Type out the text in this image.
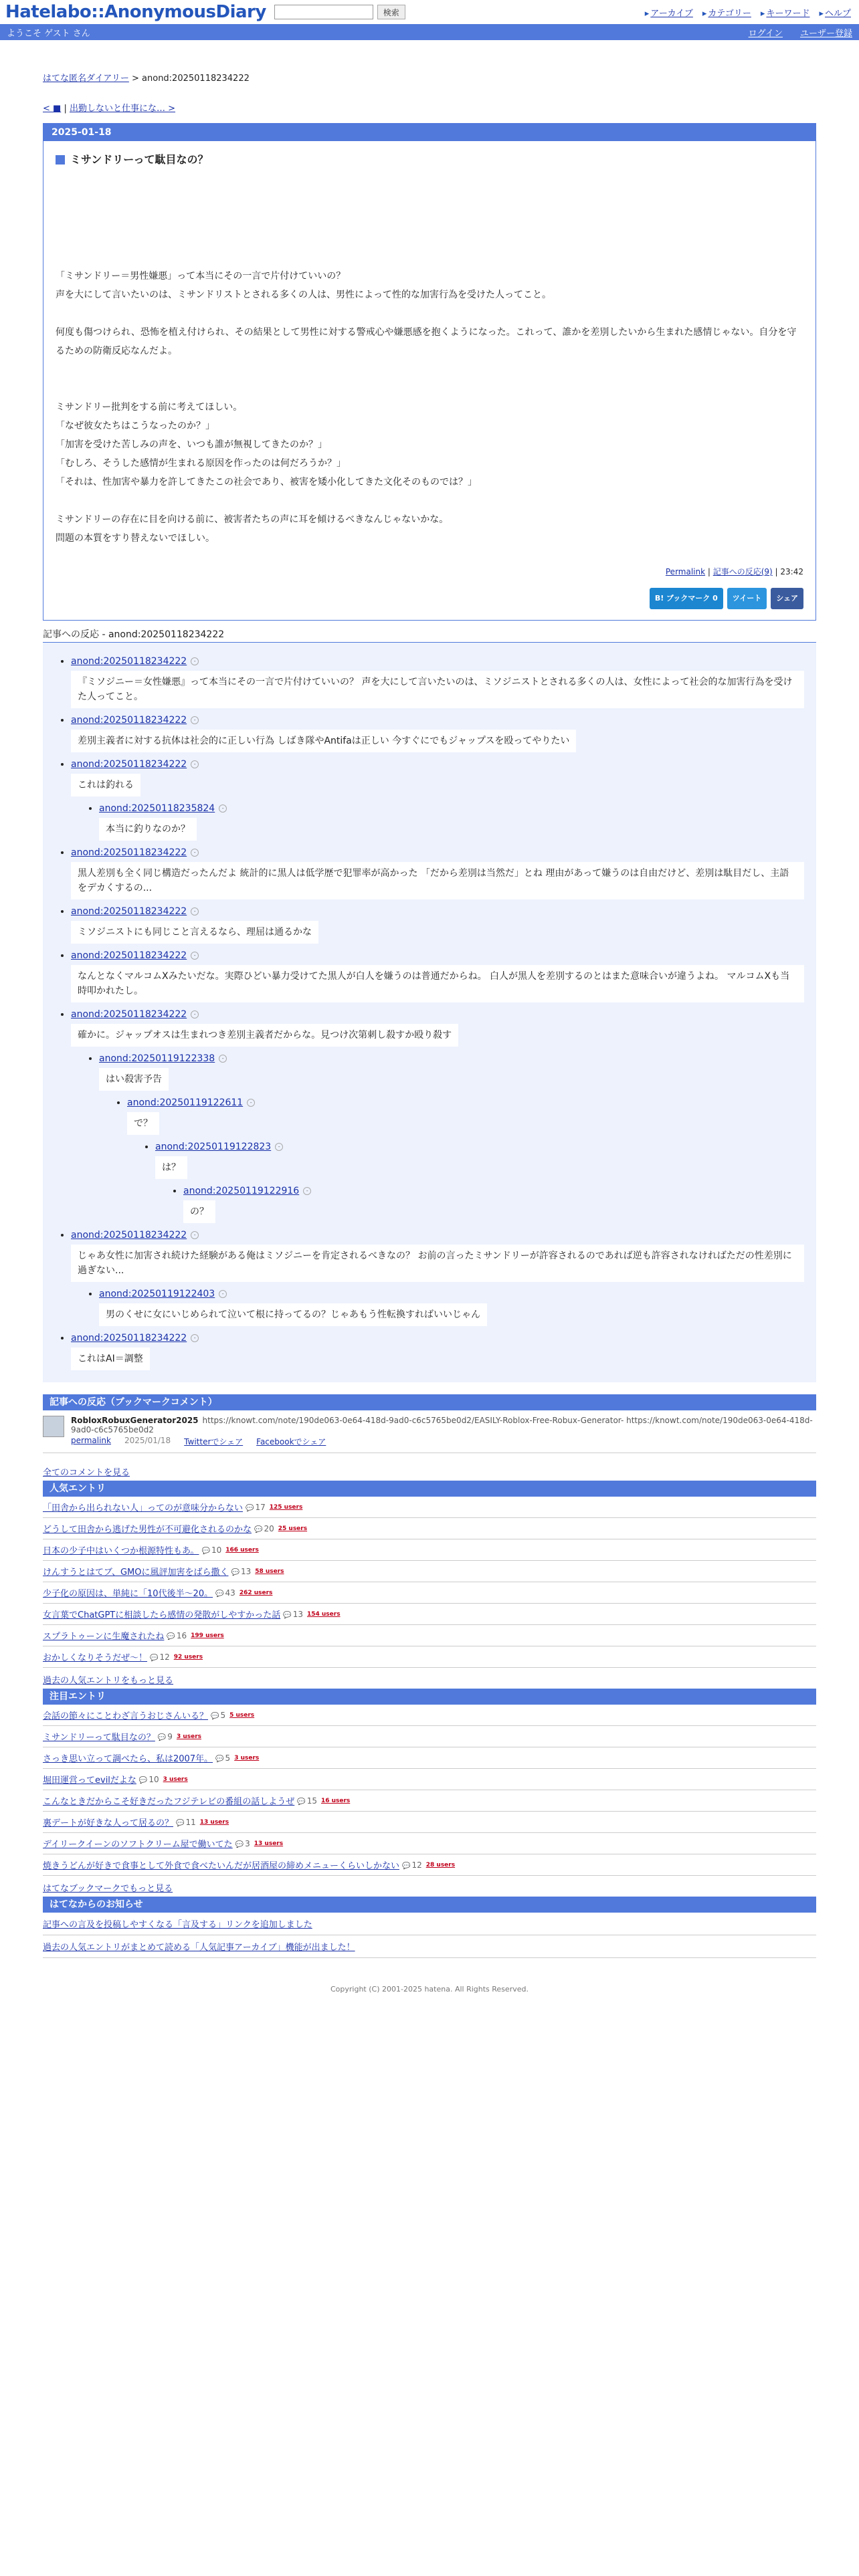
Hatelabo::AnonymousDiary	検索	▸ アーカイブ	▸ カテゴリー	▸ キーワード	▸ ヘルプ
ようこそ ゲスト さん	ログイン ユーザー登録
はてな匿名ダイアリー > anond:20250118234222
< ■ | 出勤しないと仕事にな… >
2025-01-18
ミサンドリーって駄目なの？
「ミサンドリー＝男性嫌悪」って本当にその一言で片付けていいの？
声を大にして言いたいのは、ミサンドリストとされる多くの人は、男性によって性的な加害行為を受けた人ってこと。
何度も傷つけられ、恐怖を植え付けられ、その結果として男性に対する警戒心や嫌悪感を抱くようになった。これって、誰かを差別したいから生まれた感情じゃない。自分を守るための防衛反応なんだよ。
ミサンドリー批判をする前に考えてほしい。
「なぜ彼女たちはこうなったのか？」
「加害を受けた苦しみの声を、いつも誰が無視してきたのか？」
「むしろ、そうした感情が生まれる原因を作ったのは何だろうか？」
「それは、性加害や暴力を許してきたこの社会であり、被害を矮小化してきた文化そのものでは？」
ミサンドリーの存在に目を向ける前に、被害者たちの声に耳を傾けるべきなんじゃないかな。
問題の本質をすり替えないでほしい。
Permalink | 記事への反応(9) | 23:42
B! ブックマーク 0	ツイート	シェア
記事への反応 - anond:20250118234222
• anond:20250118234222 -
『ミソジニー＝女性嫌悪』って本当にその一言で片付けていいの？ 声を大にして言いたいのは、ミソジニストとされる多くの人は、女性によって社会的な加害行為を受けた人ってこと。
• anond:20250118234222 -
差別主義者に対する抗体は社会的に正しい行為 しばき隊やAntifaは正しい 今すぐにでもジャップスを殴ってやりたい
• anond:20250118234222 -
これは釣れる
• anond:20250118235824 -
本当に釣りなのか？
• anond:20250118234222 -
黒人差別も全く同じ構造だったんだよ 統計的に黒人は低学歴で犯罪率が高かった 「だから差別は当然だ」とね 理由があって嫌うのは自由だけど、差別は駄目だし、主語をデカくするの...
• anond:20250118234222 -
ミソジニストにも同じこと言えるなら、理屈は通るかな
• anond:20250118234222 -
なんとなくマルコムXみたいだな。実際ひどい暴力受けてた黒人が白人を嫌うのは普通だからね。 白人が黒人を差別するのとはまた意味合いが違うよね。 マルコムXも当時叩かれたし。
• anond:20250118234222 -
確かに。ジャップオスは生まれつき差別主義者だからな。見つけ次第刺し殺すか殴り殺す
• anond:20250119122338 -
はい殺害予告
• anond:20250119122611 -
で？
• anond:20250119122823 -
は？
• anond:20250119122916 -
の？
• anond:20250118234222 -
じゃあ女性に加害され続けた経験がある俺はミソジニーを肯定されるべきなの？ お前の言ったミサンドリーが許容されるのであれば逆も許容されなければただの性差別に過ぎない...
• anond:20250119122403 -
男のくせに女にいじめられて泣いて根に持ってるの？じゃあもう性転換すればいいじゃん
• anond:20250118234222 -
これはAI＝調整
記事への反応（ブックマークコメント）
RobloxRobuxGenerator2025 https://knowt.com/note/190de063-0e64-418d-9ad0-c6c5765be0d2/EASILY-Roblox-Free-Robux-Generator- https://knowt.com/note/190de063-0e64-418d-9ad0-c6c5765be0d2
permalink 2025/01/18 Twitterでシェア Facebookでシェア
全てのコメントを見る
人気エントリ
「田舎から出られない人」ってのが意味分からない	💬 17 125 users
どうして田舎から逃げた男性が不可避化されるのかな	💬 20 25 users
日本の少子中はいくつか根源特性もあ。	💬 10 166 users
けんすうとはてブ、GMOに風評加害をばら撒く	💬 13 58 users
少子化の原因は、単純に「10代後半〜20。	💬 43 262 users
女言葉でChatGPTに相談したら感情の発散がしやすかった話	💬 13 154 users
スプラトゥーンに生魔されたね	💬 16 199 users
おかしくなりそうだぜ〜！	💬 12 92 users
過去の人気エントリをもっと見る
注目エントリ
会話の節々にことわざ言うおじさんいる？	💬 5 5 users
ミサンドリーって駄目なの？	💬 9 3 users
さっき思い立って調べたら、私は2007年。	💬 5 3 users
堀田運営ってevilだよな	💬 10 3 users
こんなときだからこそ好きだったフジテレビの番組の話しようぜ	💬 15 16 users
裏デートが好きな人って居るの？	💬 11 13 users
デイリークイーンのソフトクリーム屋で働いてた	💬 3 13 users
焼きうどんが好きで食事として外食で食べたいんだが居酒屋の締めメニューくらいしかない	💬 12 28 users
はてなブックマークでもっと見る
はてなからのお知らせ
記事への言及を投稿しやすくなる「言及する」リンクを追加しました
過去の人気エントリがまとめて読める「人気記事アーカイブ」機能が出ました！
Copyright (C) 2001-2025 hatena. All Rights Reserved.
